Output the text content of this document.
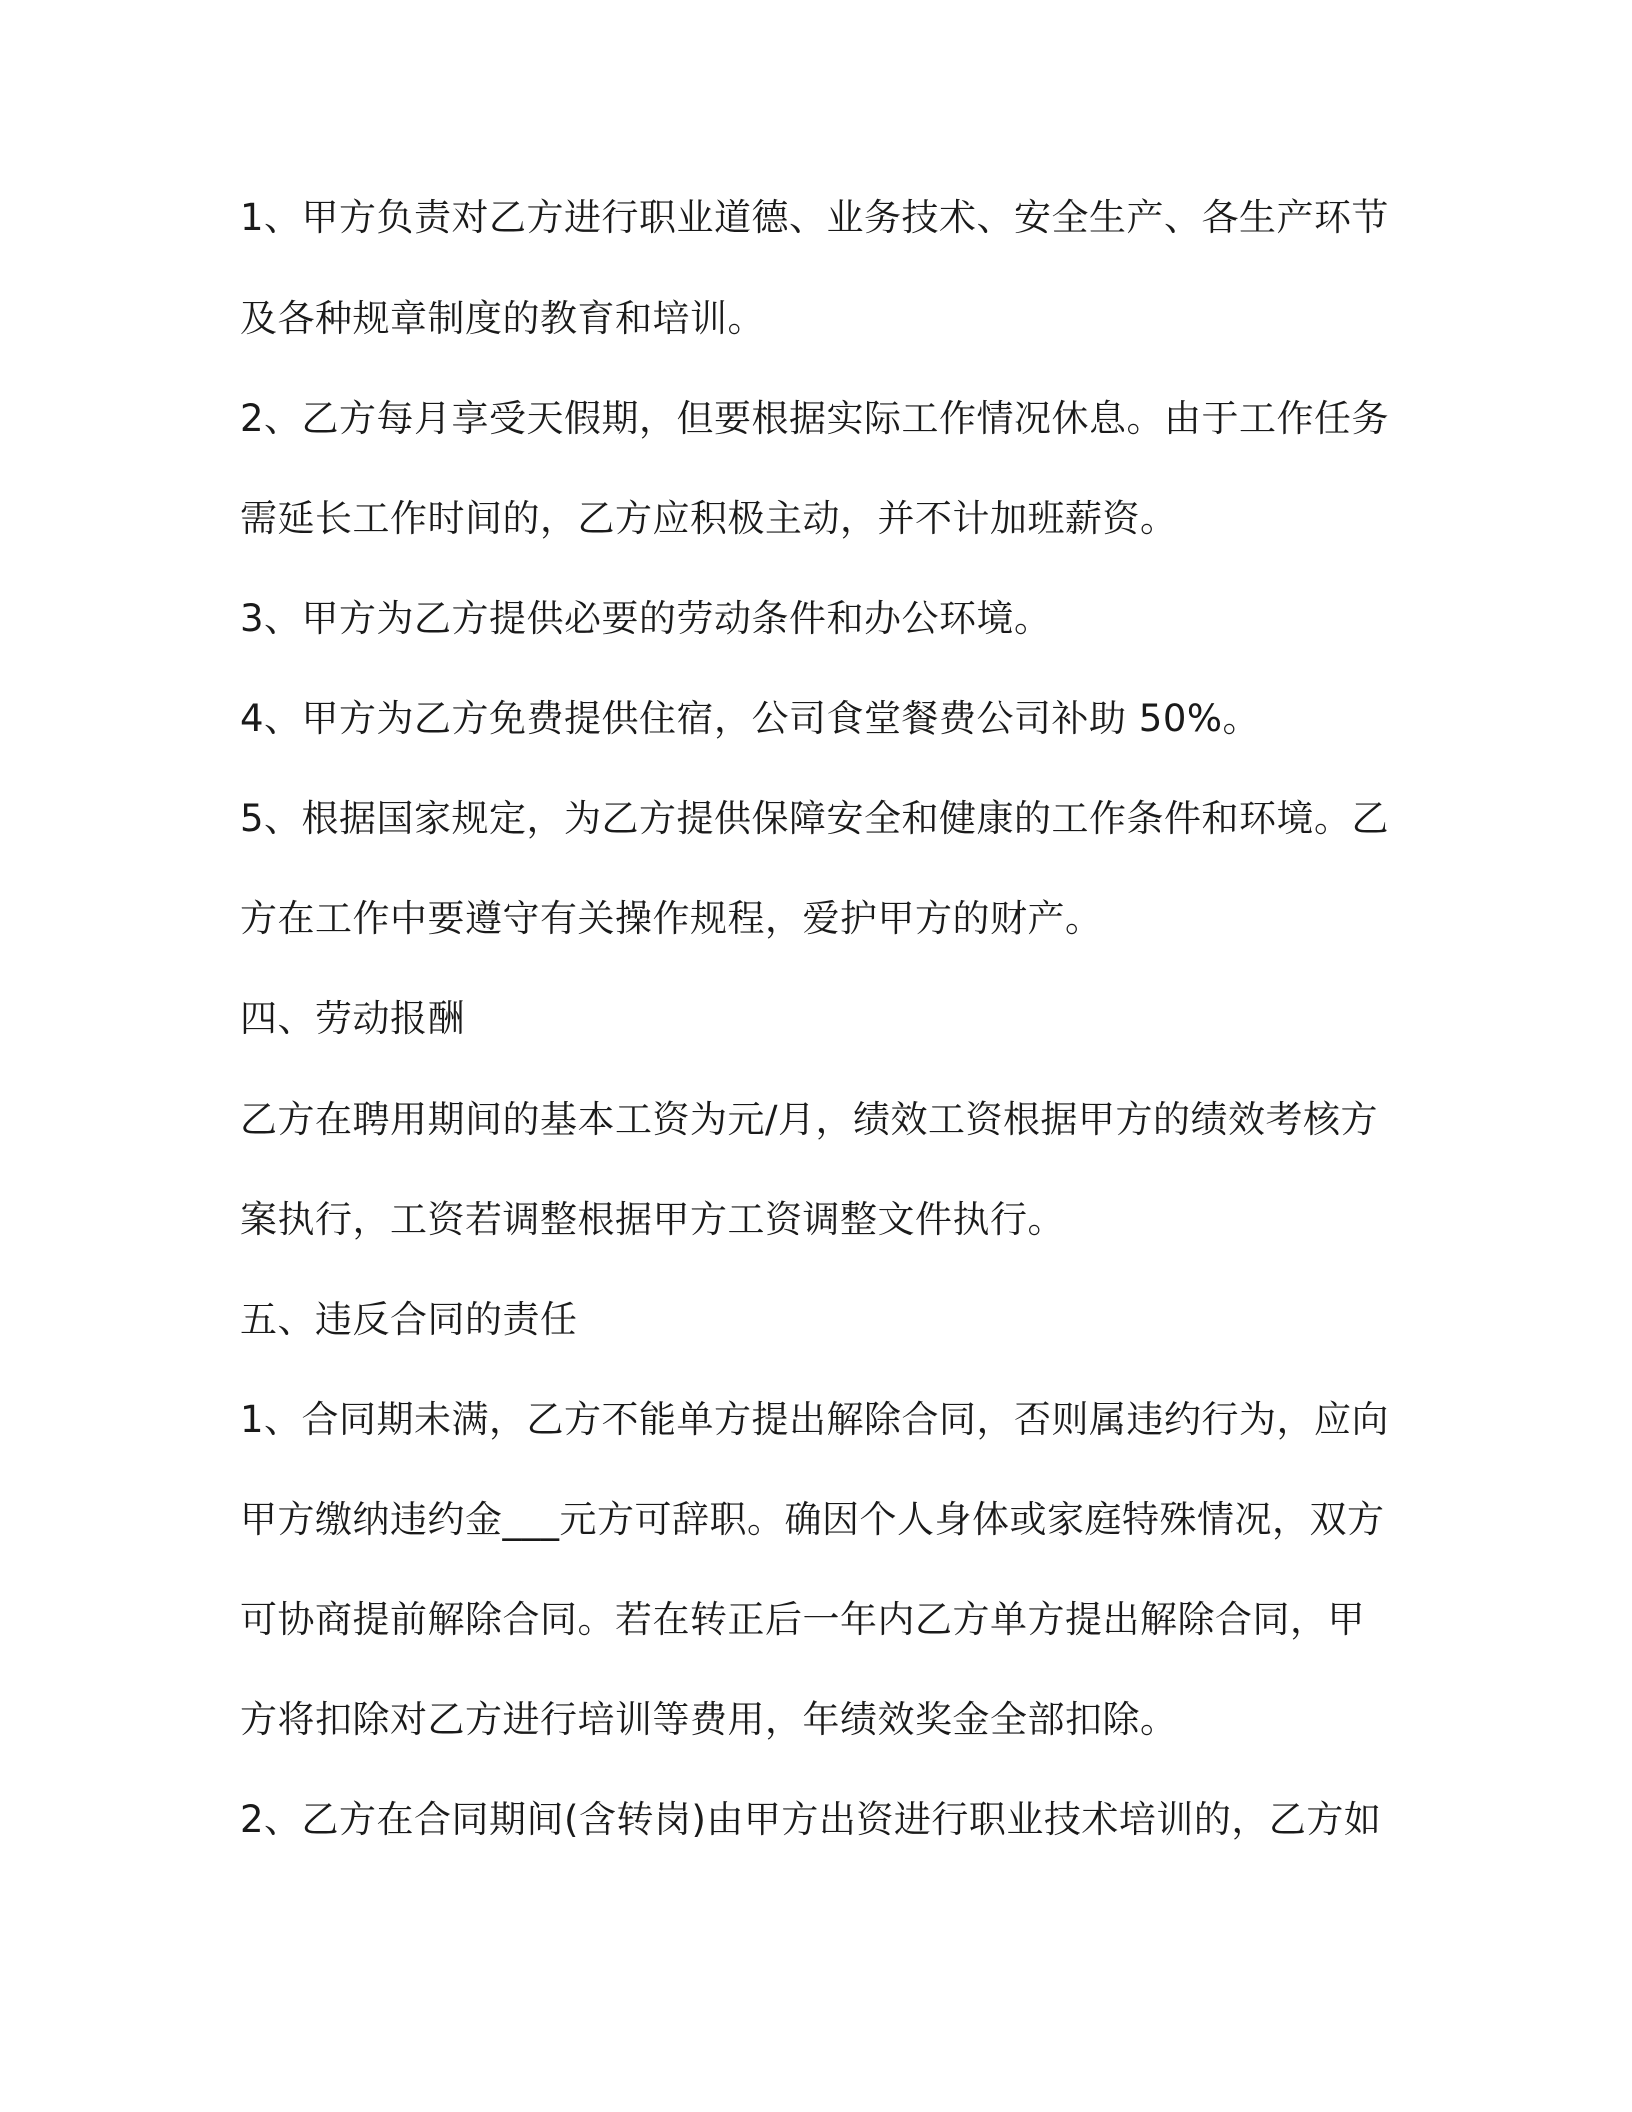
1、甲方负责对乙方进行职业道德、业务技术、安全生产、各生产环节
及各种规章制度的教育和培训。
2、乙方每月享受天假期，但要根据实际工作情况休息。由于工作任务
需延长工作时间的，乙方应积极主动，并不计加班薪资。
3、甲方为乙方提供必要的劳动条件和办公环境。
4、甲方为乙方免费提供住宿，公司食堂餐费公司补助 50%。
5、根据国家规定，为乙方提供保障安全和健康的工作条件和环境。乙
方在工作中要遵守有关操作规程，爱护甲方的财产。
四、劳动报酬
乙方在聘用期间的基本工资为元/月，绩效工资根据甲方的绩效考核方
案执行，工资若调整根据甲方工资调整文件执行。
五、违反合同的责任
1、合同期未满，乙方不能单方提出解除合同，否则属违约行为，应向
甲方缴纳违约金___元方可辞职。确因个人身体或家庭特殊情况，双方
可协商提前解除合同。若在转正后一年内乙方单方提出解除合同，甲
方将扣除对乙方进行培训等费用，年绩效奖金全部扣除。
2、乙方在合同期间(含转岗)由甲方出资进行职业技术培训的，乙方如
